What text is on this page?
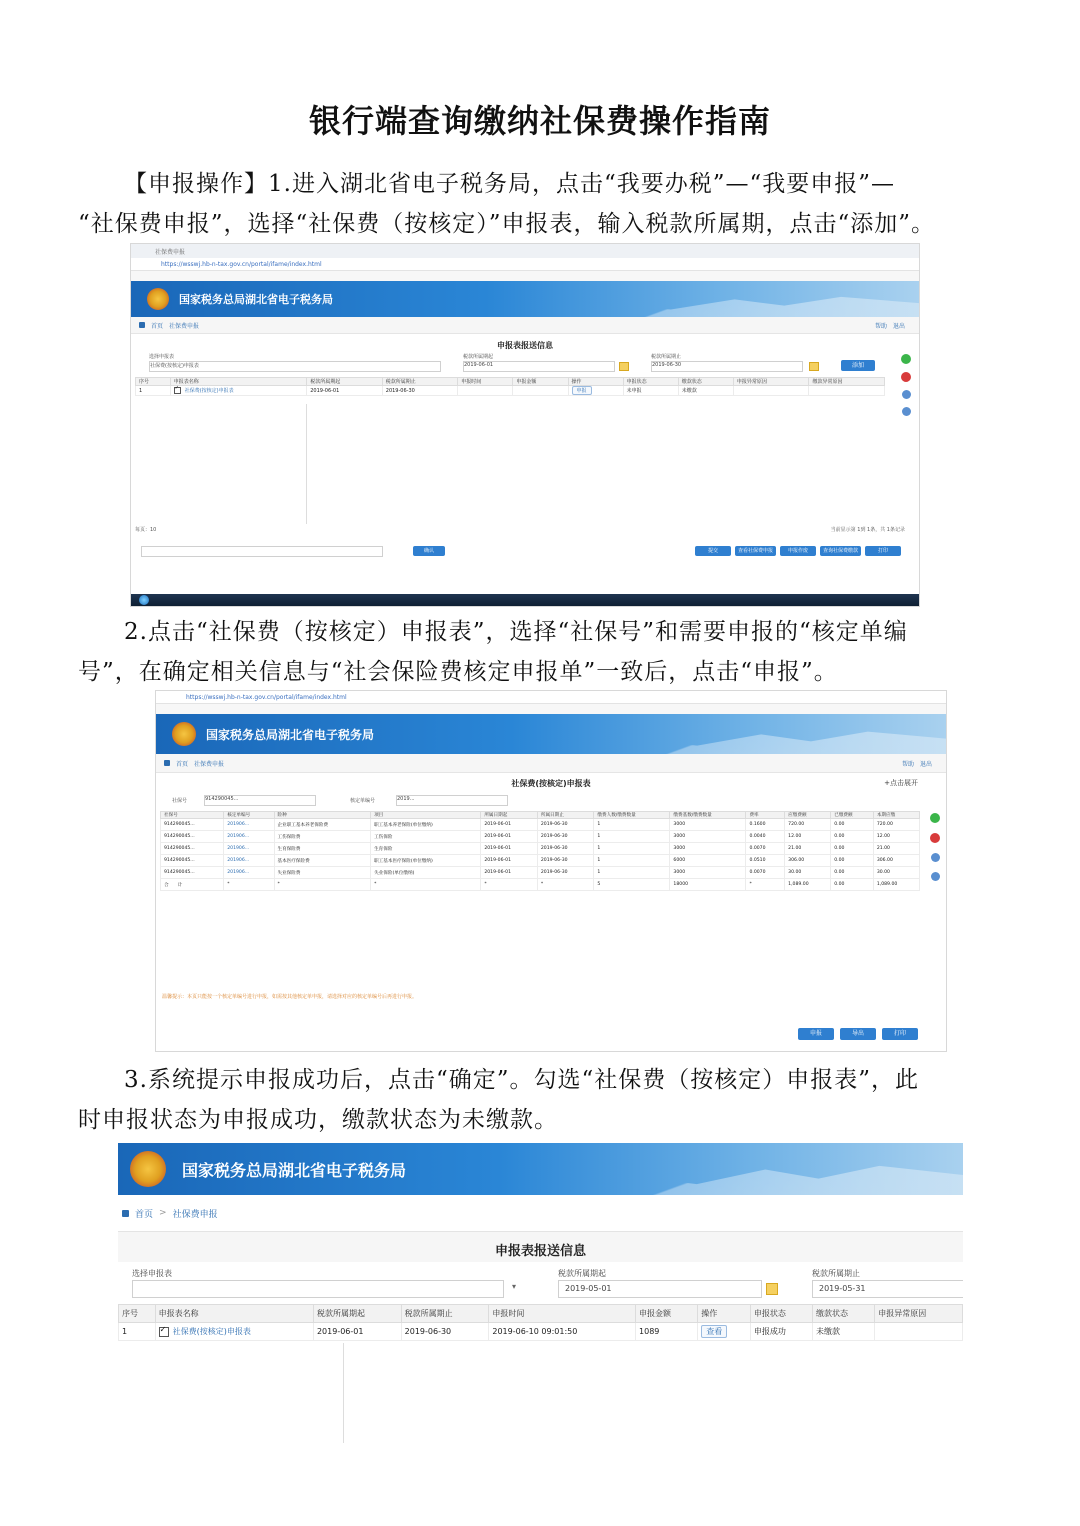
银行端查询缴纳社保费操作指南
【申报操作】1.进入湖北省电子税务局，点击“我要办税”—“我要申报”—
“社保费申报”，选择“社保费（按核定）”申报表，输入税款所属期，点击“添加”。
社保费申报
https://wsswj.hb-n-tax.gov.cn/portal/ifame/index.html
国家税务总局湖北省电子税务局
首页 社保费申报	帮助 退出
申报表报送信息
选择申报表
社保费(按核定)申报表
税款所属期起
2019-06-01
税款所属期止
2019-06-30	添加
序号	申报表名称	税款所属期起	税款所属期止	申报时间	申报金额	操作	申报状态	缴款状态	申报异常原因	缴款异常原因
1	✓社保费(按核定)申报表	2019-06-01	2019-06-30			申报	未申报	未缴款		
每页：10	当前显示第 1到 1条，共 1条记录
确认	提交	查看社保费申报	申报作废	查询社保费缴款	打印
2.点击“社保费（按核定）申报表”，选择“社保号”和需要申报的“核定单编
号”，在确定相关信息与“社会保险费核定申报单”一致后，点击“申报”。
https://wsswj.hb-n-tax.gov.cn/portal/ifame/index.html
国家税务总局湖北省电子税务局
首页 社保费申报	帮助 退出
社保费(按核定)申报表	+点击展开
社保号	914290045...	核定单编号	2019...
社保号	核定单编号	险种	项目	所属日期起	所属日期止	缴费人数/缴费数量	缴费基数/缴费数量	费率	应缴费额	已缴费额	本期应缴
914290045...	201906...	企业职工基本养老保险费	职工基本养老保险(单位缴纳)	2019-06-01	2019-06-30	1	3000	0.1600	720.00	0.00	720.00
914290045...	201906...	工伤保险费	工伤保险	2019-06-01	2019-06-30	1	3000	0.0040	12.00	0.00	12.00
914290045...	201906...	生育保险费	生育保险	2019-06-01	2019-06-30	1	3000	0.0070	21.00	0.00	21.00
914290045...	201906...	基本医疗保险费	职工基本医疗保险(单位缴纳)	2019-06-01	2019-06-30	1	6000	0.0510	306.00	0.00	306.00
914290045...	201906...	失业保险费	失业保险(单位缴纳)	2019-06-01	2019-06-30	1	3000	0.0070	30.00	0.00	30.00
合　　计	*	*	*	*	*	5	18000	*	1,089.00	0.00	1,089.00
温馨提示：本页只能按一个核定单编号进行申报，如需按其他核定单申报，请选择对应的核定单编号后再进行申报。
申报	导出	打印
3.系统提示申报成功后，点击“确定”。勾选“社保费（按核定）申报表”，此
时申报状态为申报成功，缴款状态为未缴款。
国家税务总局湖北省电子税务局
首页 > 社保费申报
申报表报送信息
选择申报表
▾
税款所属期起
2019-05-01
税款所属期止
2019-05-31
序号	申报表名称	税款所属期起	税款所属期止	申报时间	申报金额	操作	申报状态	缴款状态	申报异常原因
1	✓社保费(按核定)申报表	2019-06-01	2019-06-30	2019-06-10 09:01:50	1089	查看	申报成功	未缴款	
